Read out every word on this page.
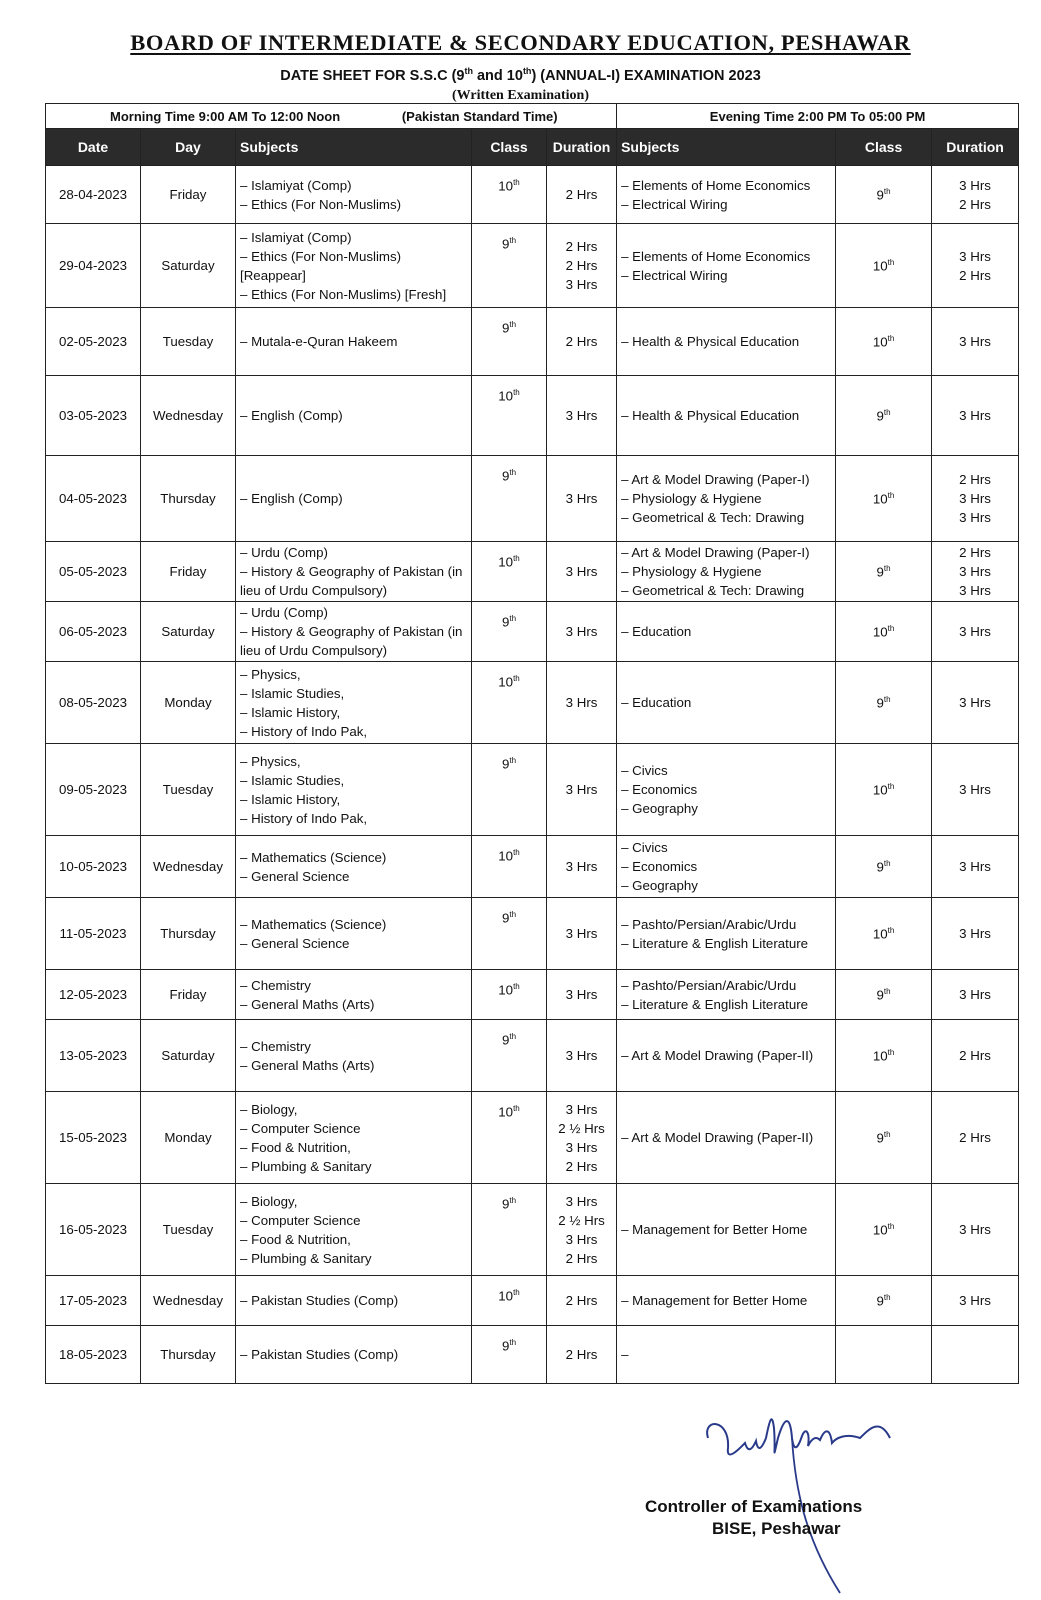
BOARD OF INTERMEDIATE & SECONDARY EDUCATION, PESHAWAR
DATE SHEET FOR S.S.C (9th and 10th) (ANNUAL-I) EXAMINATION 2023
(Written Examination)
Morning Time 9:00 AM To 12:00 Noon (Pakistan Standard Time)					Evening Time 2:00 PM To 05:00 PM		
Date	Day	Subjects	Class	Duration	Subjects	Class	Duration
28-04-2023	Friday	– Islamiyat (Comp)
– Ethics (For Non-Muslims)	10th	2 Hrs	– Elements of Home Economics
– Electrical Wiring	9th	3 Hrs
2 Hrs

29-04-2023	Saturday	– Islamiyat (Comp)
– Ethics (For Non-Muslims)
[Reappear]
– Ethics (For Non-Muslims) [Fresh]	9th	2 Hrs
2 Hrs
3 Hrs	– Elements of Home Economics
– Electrical Wiring	10th	3 Hrs
2 Hrs

02-05-2023	Tuesday	– Mutala-e-Quran Hakeem	9th	2 Hrs	– Health & Physical Education	10th	3 Hrs

03-05-2023	Wednesday	– English (Comp)	10th	3 Hrs	– Health & Physical Education	9th	3 Hrs

04-05-2023	Thursday	– English (Comp)	9th	3 Hrs	– Art & Model Drawing (Paper-I)
– Physiology & Hygiene
– Geometrical & Tech: Drawing	10th	2 Hrs
3 Hrs
3 Hrs

05-05-2023	Friday	– Urdu (Comp)
– History & Geography of Pakistan (in
lieu of Urdu Compulsory)	10th	3 Hrs	– Art & Model Drawing (Paper-I)
– Physiology & Hygiene
– Geometrical & Tech: Drawing	9th	2 Hrs
3 Hrs
3 Hrs

06-05-2023	Saturday	– Urdu (Comp)
– History & Geography of Pakistan (in
lieu of Urdu Compulsory)	9th	3 Hrs	– Education	10th	3 Hrs

08-05-2023	Monday	– Physics,
– Islamic Studies,
– Islamic History,
– History of Indo Pak,	10th	3 Hrs	– Education	9th	3 Hrs

09-05-2023	Tuesday	– Physics,
– Islamic Studies,
– Islamic History,
– History of Indo Pak,	9th	3 Hrs	– Civics
– Economics
– Geography	10th	3 Hrs

10-05-2023	Wednesday	– Mathematics (Science)
– General Science	10th	3 Hrs	– Civics
– Economics
– Geography	9th	3 Hrs

11-05-2023	Thursday	– Mathematics (Science)
– General Science	9th	3 Hrs	– Pashto/Persian/Arabic/Urdu
– Literature & English Literature	10th	3 Hrs

12-05-2023	Friday	– Chemistry
– General Maths (Arts)	10th	3 Hrs	– Pashto/Persian/Arabic/Urdu
– Literature & English Literature	9th	3 Hrs

13-05-2023	Saturday	– Chemistry
– General Maths (Arts)	9th	3 Hrs	– Art & Model Drawing (Paper-II)	10th	2 Hrs

15-05-2023	Monday	– Biology,
– Computer Science
– Food & Nutrition,
– Plumbing & Sanitary	10th	3 Hrs
2 ½ Hrs
3 Hrs
2 Hrs	– Art & Model Drawing (Paper-II)	9th	2 Hrs

16-05-2023	Tuesday	– Biology,
– Computer Science
– Food & Nutrition,
– Plumbing & Sanitary	9th	3 Hrs
2 ½ Hrs
3 Hrs
2 Hrs	– Management for Better Home	10th	3 Hrs

17-05-2023	Wednesday	– Pakistan Studies (Comp)	10th	2 Hrs	– Management for Better Home	9th	3 Hrs

18-05-2023	Thursday	– Pakistan Studies (Comp)	9th	2 Hrs	–		

Controller of Examinations
BISE, Peshawar
